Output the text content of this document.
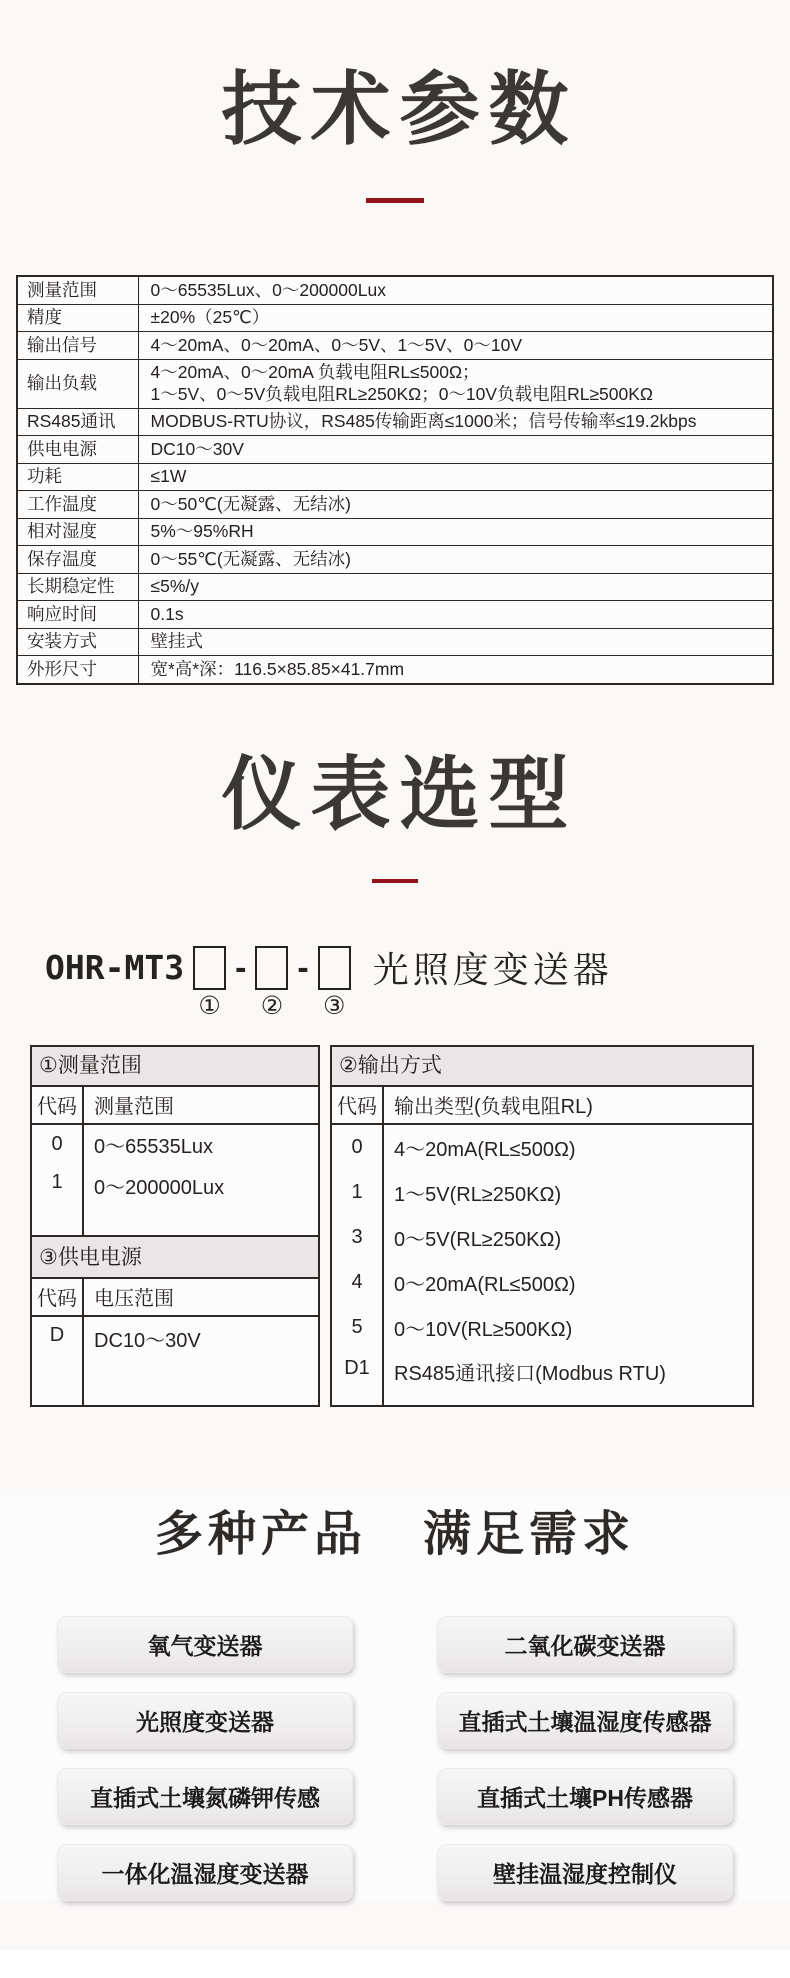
技术参数
测量范围	0～65535Lux、0～200000Lux
精度	±20%（25℃）
输出信号	4～20mA、0～20mA、0～5V、1～5V、0～10V
输出负载	4～20mA、0～20mA 负载电阻RL≤500Ω；
1～5V、0～5V负载电阻RL≥250KΩ；0～10V负载电阻RL≥500KΩ

RS485通讯	MODBUS-RTU协议，RS485传输距离≤1000米；信号传输率≤19.2kbps
供电电源	DC10～30V
功耗	≤1W
工作温度	0～50℃(无凝露、无结冰)
相对湿度	5%～95%RH
保存温度	0～55℃(无凝露、无结冰)
长期稳定性	≤5%/y
响应时间	0.1s
安装方式	壁挂式
外形尺寸	宽*高*深：116.5×85.85×41.7mm
仪表选型
OHR-MT3 - - 光照度变送器
① ② ③
①测量范围
代码 测量范围
0	0～65535Lux
1	0～200000Lux
③供电电源
代码 电压范围
D	DC10～30V
②输出方式
代码 输出类型(负载电阻RL)
0	4～20mA(RL≤500Ω)
1	1～5V(RL≥250KΩ)
3	0～5V(RL≥250KΩ)
4	0～20mA(RL≤500Ω)
5	0～10V(RL≥500KΩ)
D1	RS485通讯接口(Modbus RTU)
多种产品 满足需求
氧气变送器	二氧化碳变送器
光照度变送器	直插式土壤温湿度传感器
直插式土壤氮磷钾传感	直插式土壤PH传感器
一体化温湿度变送器	壁挂温湿度控制仪
